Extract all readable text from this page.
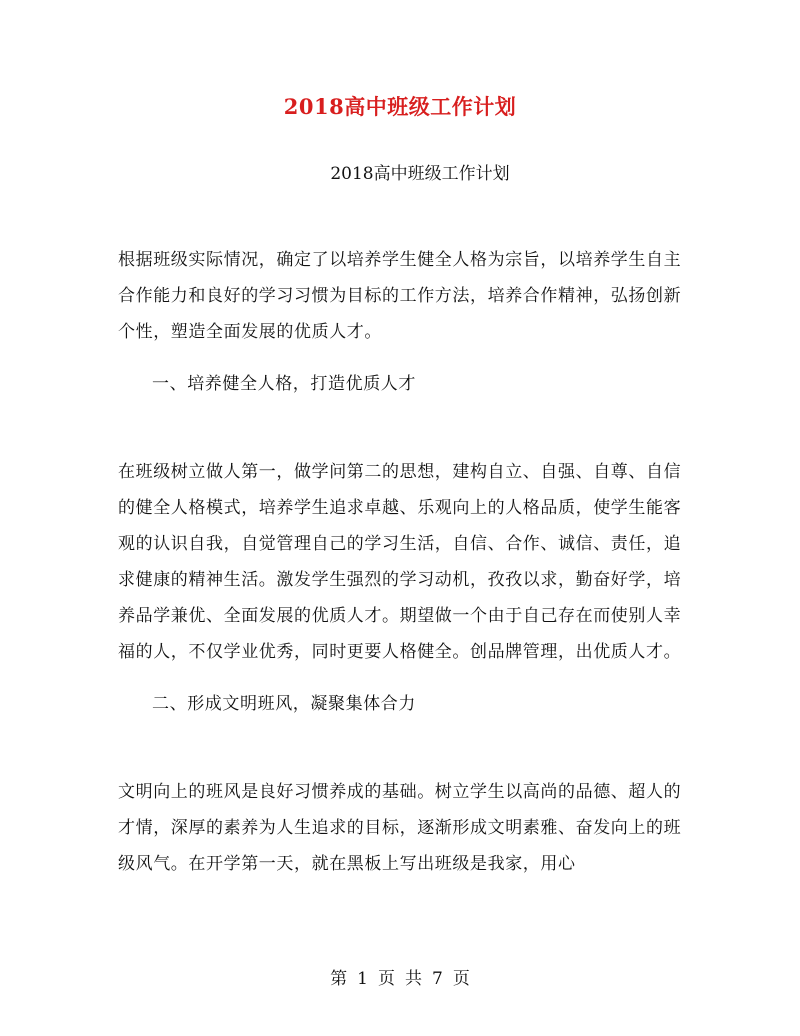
2018高中班级工作计划
2018高中班级工作计划

根据班级实际情况，确定了以培养学生健全人格为宗旨，以培养学生自主合作能力和良好的学习习惯为目标的工作方法，培养合作精神，弘扬创新个性，塑造全面发展的优质人才。

一、培养健全人格，打造优质人才

在班级树立做人第一，做学问第二的思想，建构自立、自强、自尊、自信的健全人格模式，培养学生追求卓越、乐观向上的人格品质，使学生能客观的认识自我，自觉管理自己的学习生活，自信、合作、诚信、责任，追求健康的精神生活。激发学生强烈的学习动机，孜孜以求，勤奋好学，培养品学兼优、全面发展的优质人才。期望做一个由于自己存在而使别人幸福的人，不仅学业优秀，同时更要人格健全。创品牌管理，出优质人才。

二、形成文明班风，凝聚集体合力

文明向上的班风是良好习惯养成的基础。树立学生以高尚的品德、超人的才情，深厚的素养为人生追求的目标，逐渐形成文明素雅、奋发向上的班级风气。在开学第一天，就在黑板上写出班级是我家，用心

第 1 页 共 7 页
